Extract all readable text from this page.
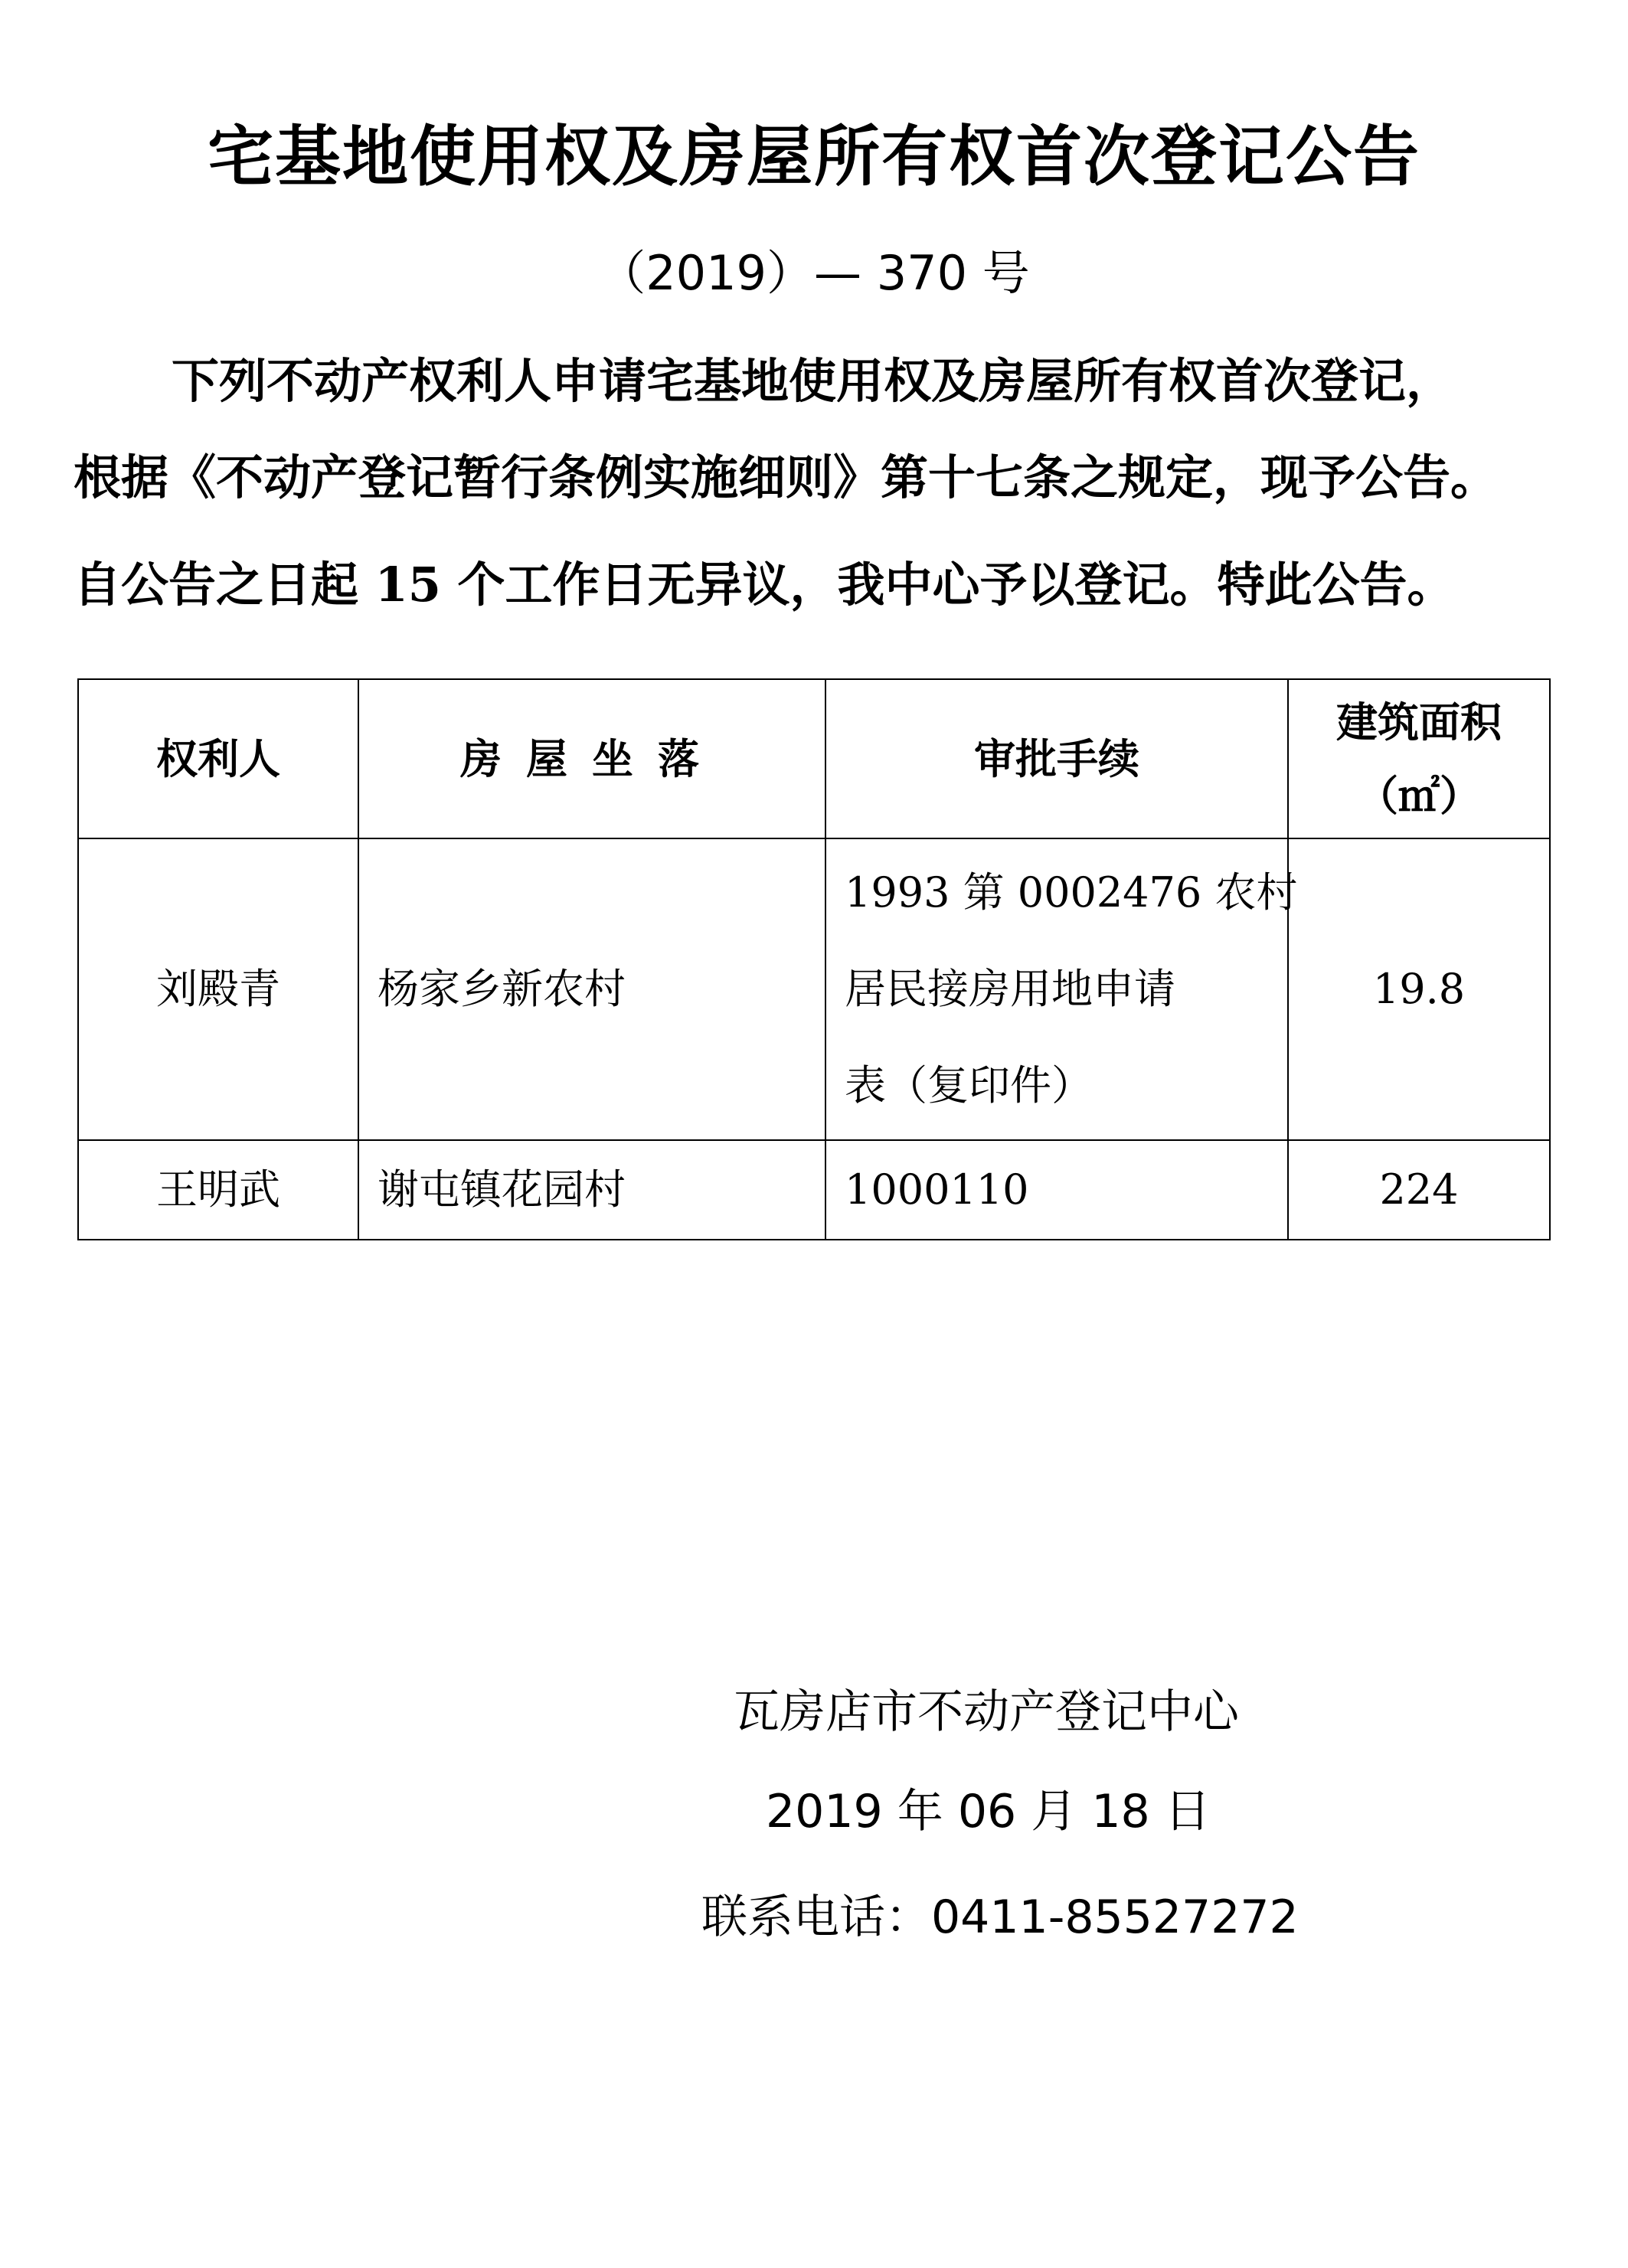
宅基地使用权及房屋所有权首次登记公告
（2019）— 370 号
下列不动产权利人申请宅基地使用权及房屋所有权首次登记，
根据《不动产登记暂行条例实施细则》第十七条之规定，现予公告。
自公告之日起 15 个工作日无异议，我中心予以登记。特此公告。
权利人	房屋坐落	审批手续	建筑面积
（㎡）

刘殿青	杨家乡新农村	1993 第 0002476 农村
居民接房用地申请
表（复印件）	19.8
王明武	谢屯镇花园村	1000110	224
瓦房店市不动产登记中心
2019 年 06 月 18 日
联系电话：0411-85527272
